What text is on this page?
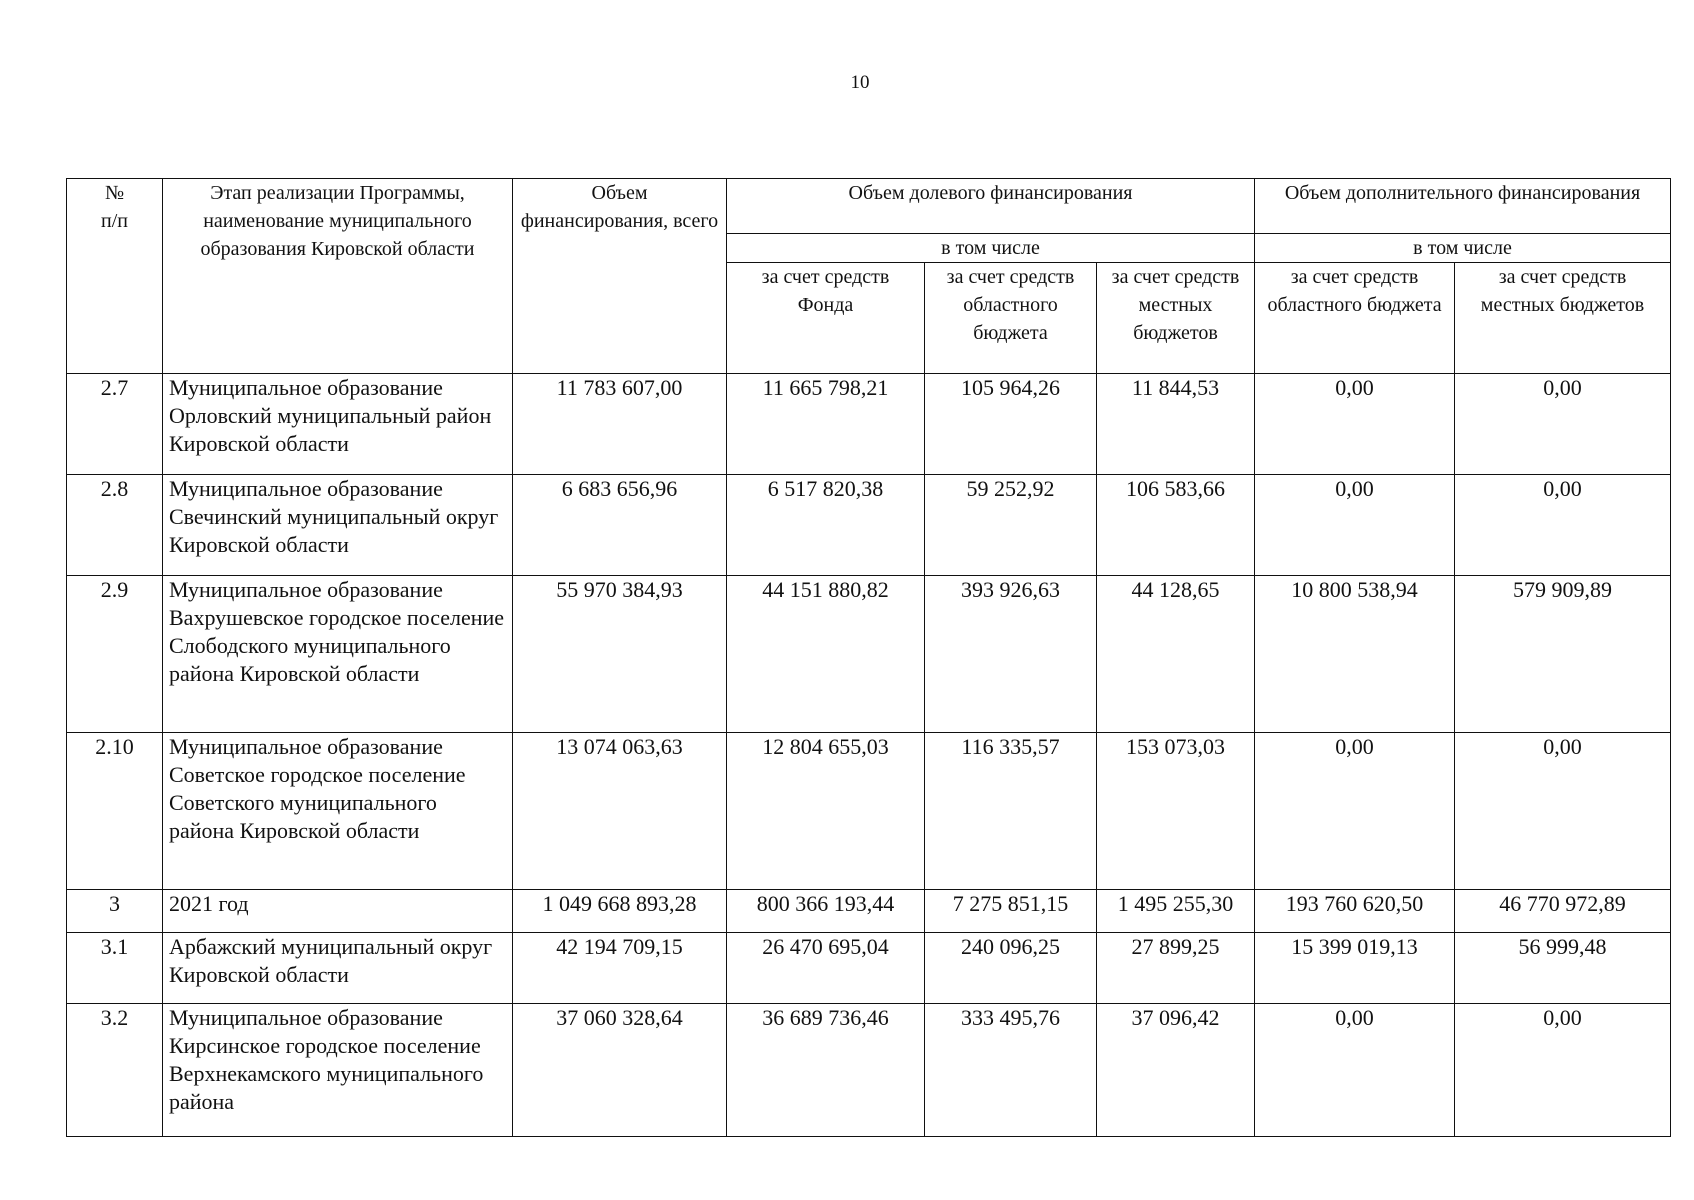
10
№
п/п	Этап реализации Программы, наименование муниципального образования Кировской области	Объем финансирования, всего	Объем долевого финансирования			Объем дополнительного финансирования	
			в том числе			в том числе	
			за счет средств Фонда	за счет средств областного бюджета	за счет средств местных бюджетов	за счет средств областного бюджета	за счет средств местных бюджетов
2.7	Муниципальное образование Орловский муниципальный район Кировской области	11 783 607,00	11 665 798,21	105 964,26	11 844,53	0,00	0,00
2.8	Муниципальное образование Свечинский муниципальный округ Кировской области	6 683 656,96	6 517 820,38	59 252,92	106 583,66	0,00	0,00
2.9	Муниципальное образование Вахрушевское городское поселение Слободского муниципального района Кировской области	55 970 384,93	44 151 880,82	393 926,63	44 128,65	10 800 538,94	579 909,89
2.10	Муниципальное образование Советское городское поселение Советского муниципального района Кировской области	13 074 063,63	12 804 655,03	116 335,57	153 073,03	0,00	0,00
3	2021 год	1 049 668 893,28	800 366 193,44	7 275 851,15	1 495 255,30	193 760 620,50	46 770 972,89
3.1	Арбажский муниципальный округ Кировской области	42 194 709,15	26 470 695,04	240 096,25	27 899,25	15 399 019,13	56 999,48
3.2	Муниципальное образование Кирсинское городское поселение Верхнекамского муниципального района	37 060 328,64	36 689 736,46	333 495,76	37 096,42	0,00	0,00
